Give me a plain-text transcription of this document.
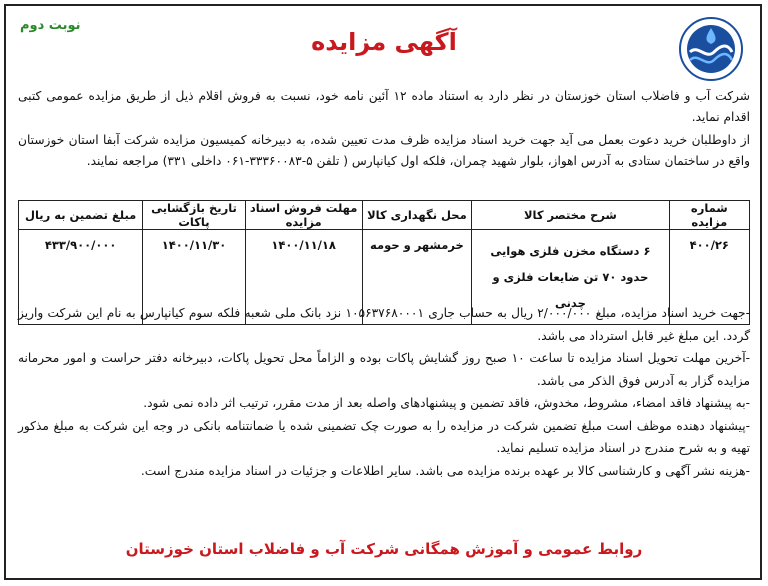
نوبت دوم
آگهی مزایده
شرکت آب و فاضلاب استان خوزستان در نظر دارد به استناد ماده ۱۲ آئین نامه خود، نسبت به فروش اقلام ذیل از طریق مزایده عمومی کتبی اقدام نماید.
از داوطلبان خرید دعوت بعمل می آید جهت خرید اسناد مزایده ظرف مدت تعیین شده، به دبیرخانه کمیسیون مزایده شرکت آبفا استان خوزستان واقع در ساختمان ستادی به آدرس اهواز، بلوار شهید چمران، فلکه اول کیانپارس ( تلفن ۵-۳۳۳۶۰۰۸۳-۰۶۱ داخلی ۳۳۱) مراجعه نمایند.
شماره مزایده	شرح مختصر کالا	محل نگهداری کالا	مهلت فروش اسناد مزایده	تاریخ بازگشایی پاکات	مبلغ تضمین به ریال
۴۰۰/۲۶	۶ دستگاه مخزن فلزی هوایی حدود ۷۰ تن ضایعات فلزی و چدنی	خرمشهر و حومه	۱۴۰۰/۱۱/۱۸	۱۴۰۰/۱۱/۳۰	۴۳۳/۹۰۰/۰۰۰

-جهت خرید اسناد مزایده، مبلغ ۲/۰۰۰/۰۰۰ ریال به حساب جاری ۱۰۵۶۳۷۶۸۰۰۰۱ نزد بانک ملی شعبه فلکه سوم کیانپارس به نام این شرکت واریز گردد. این مبلغ غیر قابل استرداد می باشد.

-آخرین مهلت تحویل اسناد مزایده تا ساعت ۱۰ صبح روز گشایش پاکات بوده و الزاماً محل تحویل پاکات، دبیرخانه دفتر حراست و امور محرمانه مزایده گزار به آدرس فوق الذکر می باشد.

-به پیشنهاد فاقد امضاء، مشروط، مخدوش، فاقد تضمین و پیشنهادهای واصله بعد از مدت مقرر، ترتیب اثر داده نمی شود.

-پیشنهاد دهنده موظف است مبلغ تضمین شرکت در مزایده را به صورت چک تضمینی شده یا ضمانتنامه بانکی در وجه این شرکت به مبلغ مذکور تهیه و به شرح مندرج در اسناد مزایده تسلیم نماید.

-هزینه نشر آگهی و کارشناسی کالا بر عهده برنده مزایده می باشد. سایر اطلاعات و جزئیات در اسناد مزایده مندرج است.

روابط عمومی و آموزش همگانی شرکت آب و فاضلاب استان خوزستان
